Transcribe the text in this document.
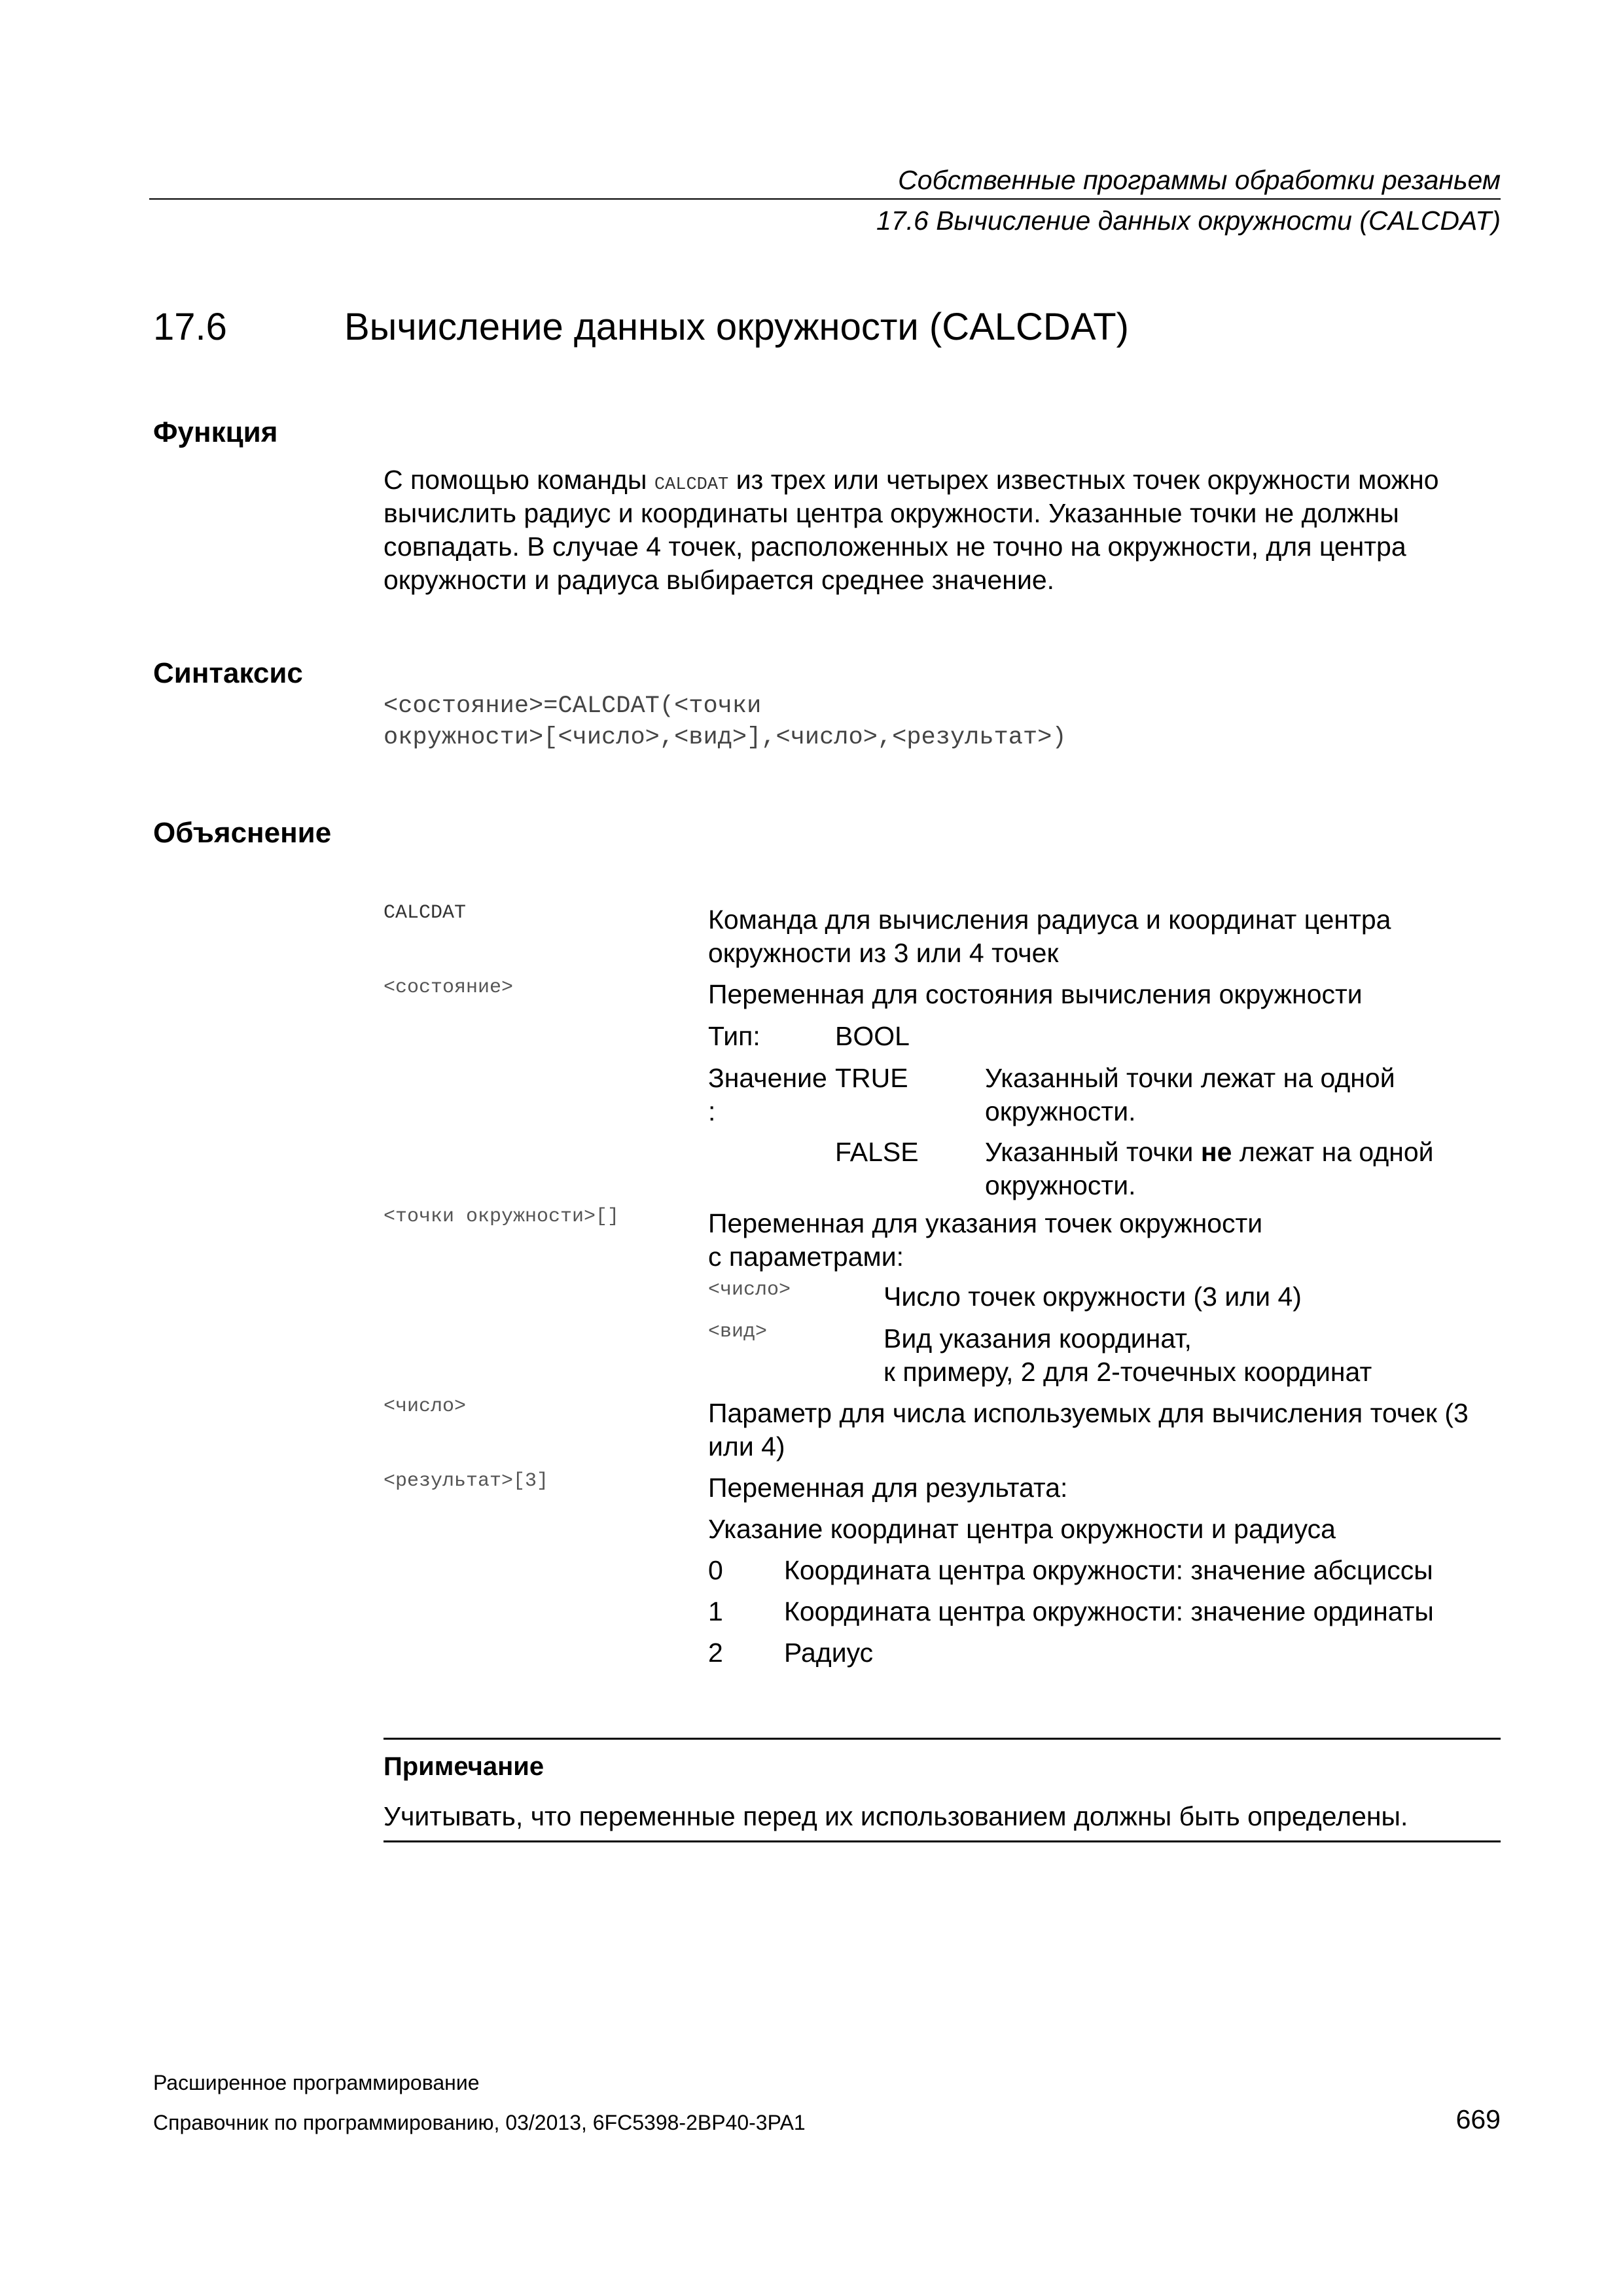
Собственные программы обработки резаньем
17.6 Вычисление данных окружности (CALCDAT)
17.6	Вычисление данных окружности (CALCDAT)
Функция
С помощью команды CALCDAT из трех или четырех известных точек окружности можно
вычислить радиус и координаты центра окружности. Указанные точки не должны
совпадать. В случае 4 точек, расположенных не точно на окружности, для центра
окружности и радиуса выбирается среднее значение.
Синтаксис
<состояние>=CALCDAT(<точки
окружности>[<число>,<вид>],<число>,<результат>)
Объяснение
CALCDAT	Команда для вычисления радиуса и координат центра
окружности из 3 или 4 точек
<состояние>	Переменная для состояния вычисления окружности
Тип:	BOOL
Значение
:
TRUE	Указанный точки лежат на одной
окружности.
FALSE Указанный точки не лежат на одной
окружности.
<точки окружности>[]	Переменная для указания точек окружности
с параметрами:
<число>	Число точек окружности (3 или 4)
<вид>	Вид указания координат,
к примеру, 2 для 2-точечных координат
<число>	Параметр для числа используемых для вычисления точек (3
или 4)
<результат>[3]	Переменная для результата:
Указание координат центра окружности и радиуса
0 Координата центра окружности: значение абсциссы
1 Координата центра окружности: значение ординаты
2 Радиус
Примечание
Учитывать, что переменные перед их использованием должны быть определены.
Расширенное программирование
Справочник по программированию, 03/2013, 6FC5398-2BP40-3PA1	669
